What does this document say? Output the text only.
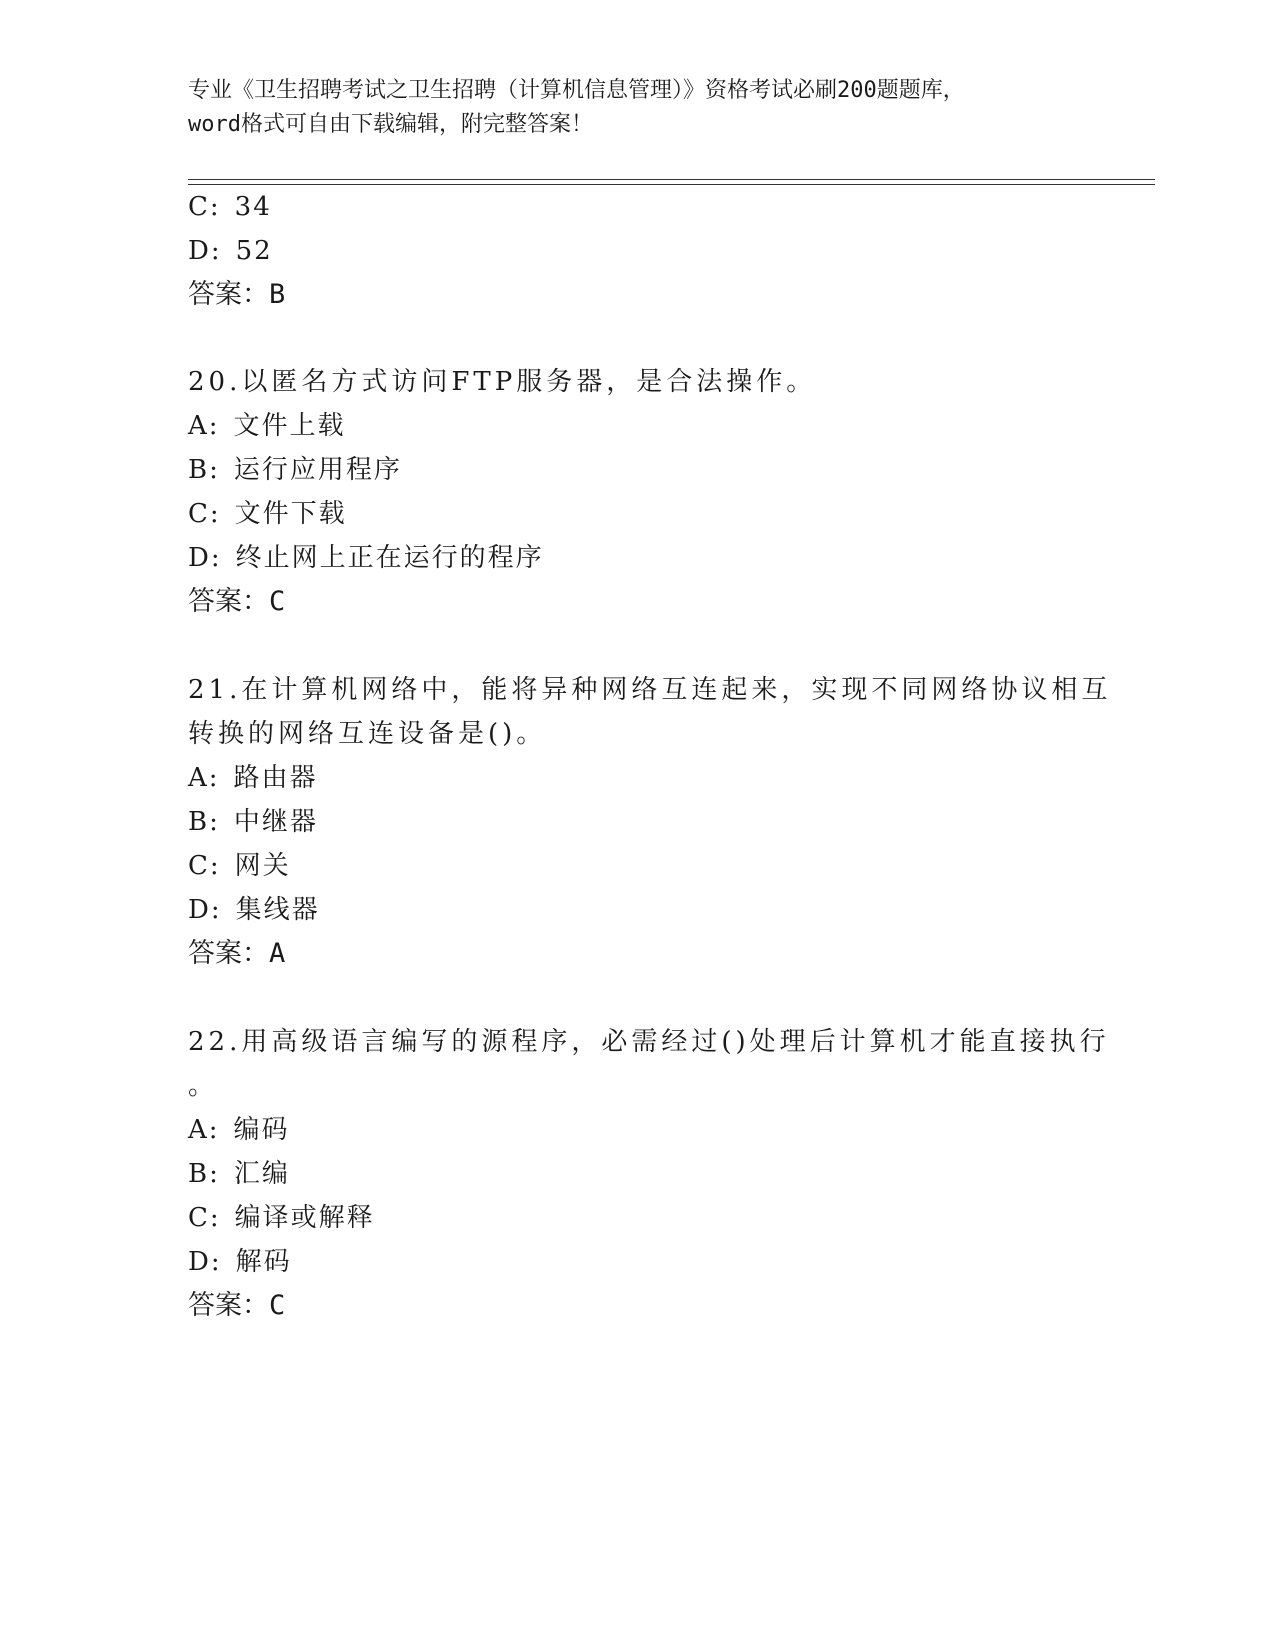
专业《卫生招聘考试之卫生招聘（计算机信息管理）》资格考试必刷200题题库，
word格式可自由下载编辑，附完整答案！
C: 34
D: 52
答案：B
20.以匿名方式访问FTP服务器，是合法操作。
A: 文件上载
B: 运行应用程序
C: 文件下载
D: 终止网上正在运行的程序
答案：C
21.在计算机网络中，能将异种网络互连起来，实现不同网络协议相互
转换的网络互连设备是()。
A: 路由器
B: 中继器
C: 网关
D: 集线器
答案：A
22.用高级语言编写的源程序，必需经过()处理后计算机才能直接执行
。
A: 编码
B: 汇编
C: 编译或解释
D: 解码
答案：C
